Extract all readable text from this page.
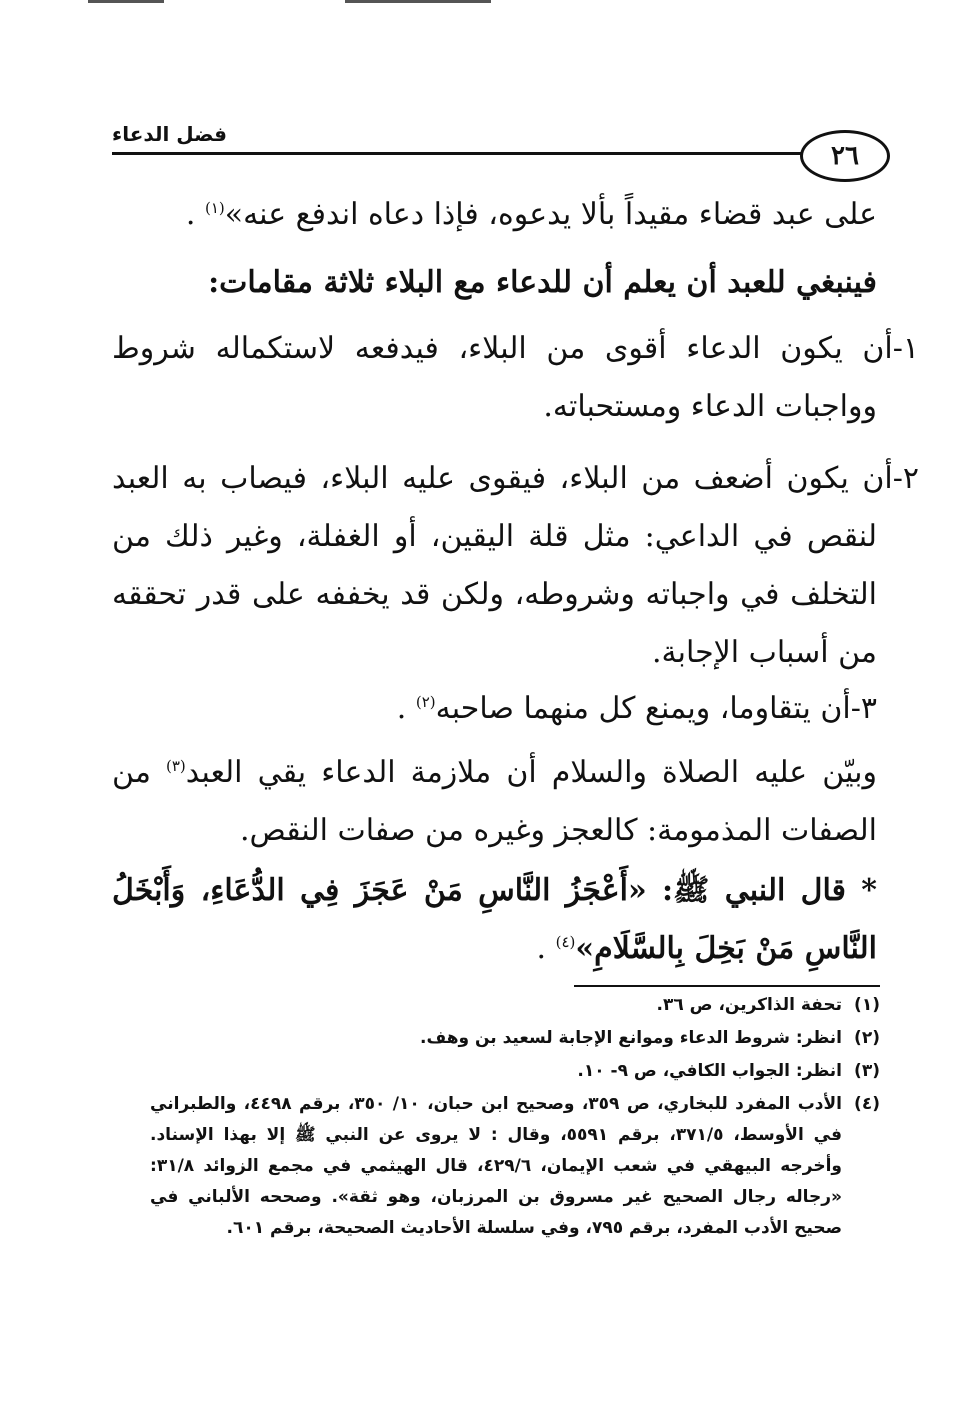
فضل الدعاء
٢٦
على عبد قضاء مقيداً بألا يدعوه، فإذا دعاه اندفع عنه»$^{(١)}$ .
فينبغي للعبد أن يعلم أن للدعاء مع البلاء ثلاثة مقامات:
١-أن يكون الدعاء أقوى من البلاء، فيدفعه لاستكماله شروط وواجبات الدعاء ومستحباته.
٢-أن يكون أضعف من البلاء، فيقوى عليه البلاء، فيصاب به العبد لنقص في الداعي: مثل قلة اليقين، أو الغفلة، وغير ذلك من التخلف في واجباته وشروطه، ولكن قد يخففه على قدر تحققه من أسباب الإجابة.
٣-أن يتقاوما، ويمنع كل منهما صاحبه$^{(٢)}$ .
وبيّن عليه الصلاة والسلام أن ملازمة الدعاء يقي العبد$^{(٣)}$ من الصفات المذمومة: كالعجز وغيره من صفات النقص.
* قال النبي ﷺ: «أَعْجَزُ النَّاسِ مَنْ عَجَزَ فِي الدُّعَاءِ، وَأَبْخَلُ النَّاسِ مَنْ بَخِلَ بِالسَّلَامِ»$^{(٤)}$ .
(١)
تحفة الذاكرين، ص ٣٦.
(٢)
انظر: شروط الدعاء وموانع الإجابة لسعيد بن وهف.
(٣)
انظر: الجواب الكافي، ص ٩- ١٠.
(٤)
الأدب المفرد للبخاري، ص ٣٥٩، وصحيح ابن حبان، ١٠/ ٣٥٠، برقم ٤٤٩٨، والطبراني في الأوسط، ٣٧١/٥، برقم ٥٥٩١، وقال : لا يروى عن النبي ﷺ إلا بهذا الإسناد. وأخرجه البيهقي في شعب الإيمان، ٤٢٩/٦، قال الهيثمي في مجمع الزوائد ٣١/٨: «رجاله رجال الصحيح غير مسروق بن المرزبان، وهو ثقة». وصححه الألباني في صحيح الأدب المفرد، برقم ٧٩٥، وفي سلسلة الأحاديث الصحيحة، برقم ٦٠١.
